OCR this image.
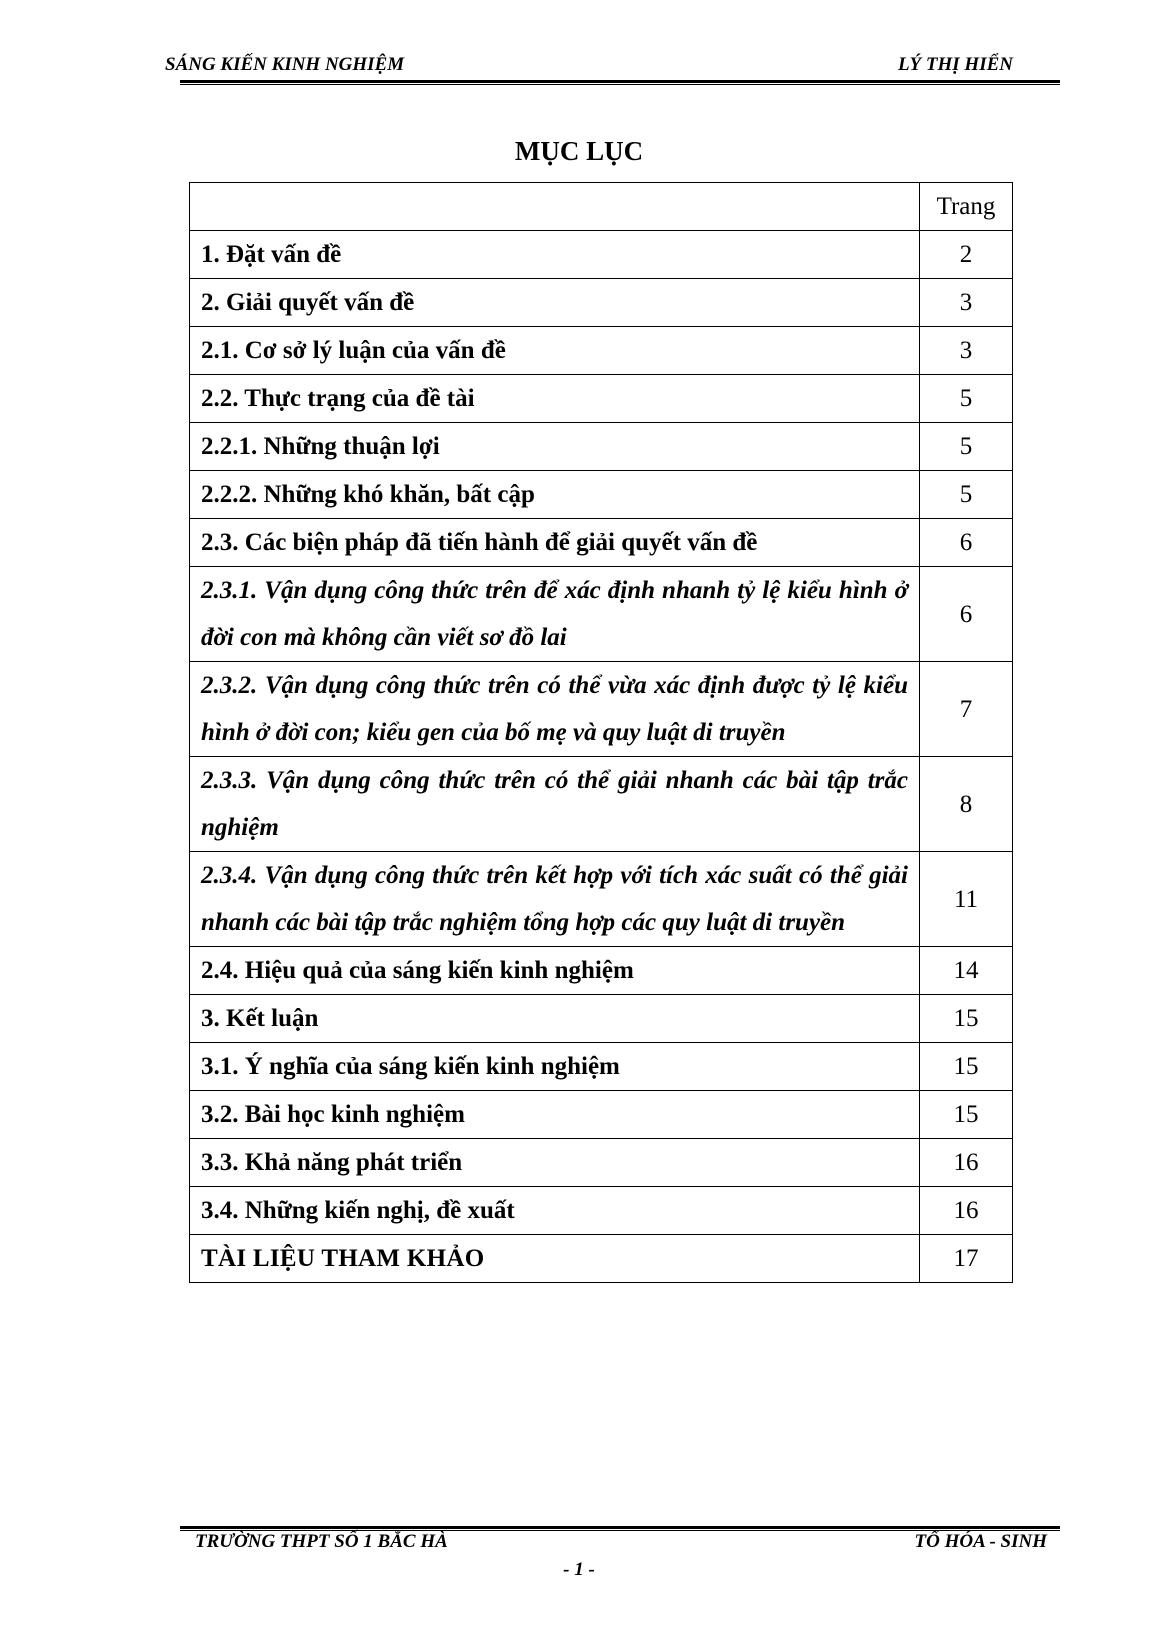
SÁNG KIẾN KINH NGHIỆM	LÝ THỊ HIỂN
MỤC LỤC
	Trang
1. Đặt vấn đề	2
2. Giải quyết vấn đề	3
2.1. Cơ sở lý luận của vấn đề	3
2.2. Thực trạng của đề tài	5
2.2.1. Những thuận lợi	5
2.2.2. Những khó khăn, bất cập	5
2.3. Các biện pháp đã tiến hành để giải quyết vấn đề	6
2.3.1. Vận dụng công thức trên để xác định nhanh tỷ lệ kiểu hình ở đời con mà không cần viết sơ đồ lai	6
2.3.2. Vận dụng công thức trên có thể vừa xác định được tỷ lệ kiểu hình ở đời con; kiểu gen của bố mẹ và quy luật di truyền	7
2.3.3. Vận dụng công thức trên có thể giải nhanh các bài tập trắc nghiệm	8
2.3.4. Vận dụng công thức trên kết hợp với tích xác suất có thể giải nhanh các bài tập trắc nghiệm tổng hợp các quy luật di truyền	11
2.4. Hiệu quả của sáng kiến kinh nghiệm	14
3. Kết luận	15
3.1. Ý nghĩa của sáng kiến kinh nghiệm	15
3.2. Bài học kinh nghiệm	15
3.3. Khả năng phát triển	16
3.4. Những kiến nghị, đề xuất	16
TÀI LIỆU THAM KHẢO	17
TRƯỜNG THPT SỐ 1 BẮC HÀ	TỔ HÓA - SINH
- 1 -
